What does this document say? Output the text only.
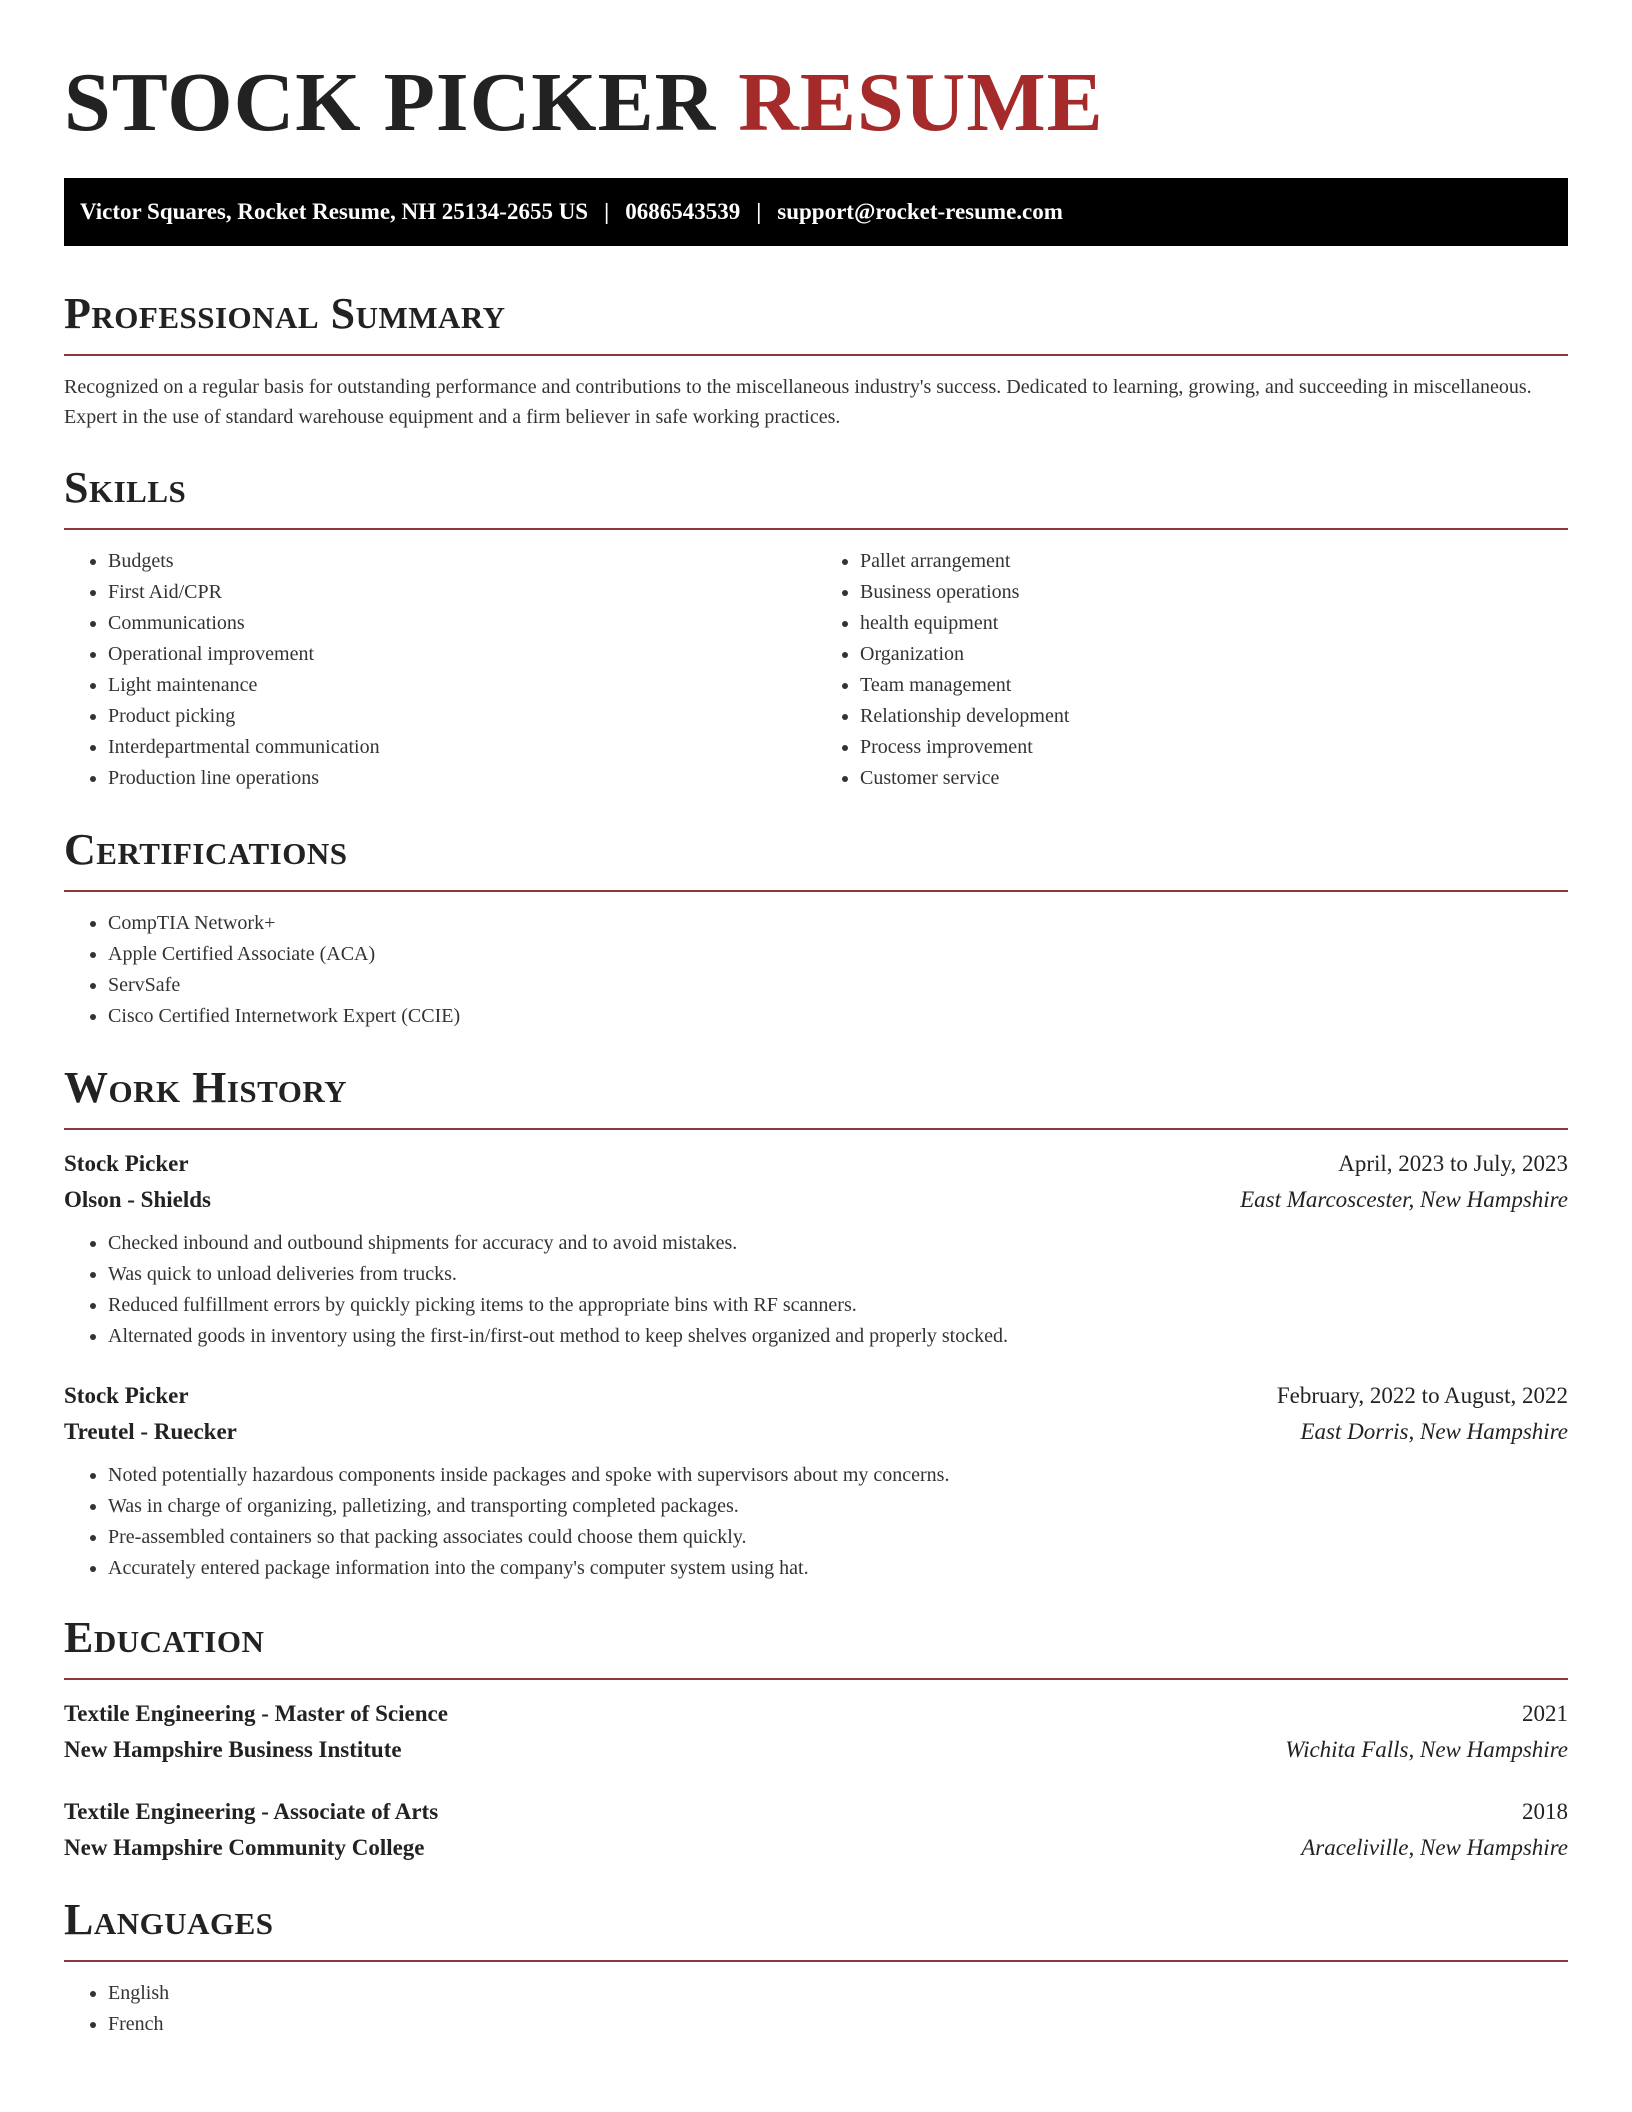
STOCK PICKER RESUME
Victor Squares, Rocket Resume, NH 25134-2655 US | 0686543539 | support@rocket-resume.com
Professional Summary

Recognized on a regular basis for outstanding performance and contributions to the miscellaneous industry's success. Dedicated to learning, growing, and succeeding in miscellaneous. Expert in the use of standard warehouse equipment and a firm believer in safe working practices.

Skills
• Budgets
• First Aid/CPR
• Communications
• Operational improvement
• Light maintenance
• Product picking
• Interdepartmental communication
• Production line operations
• Pallet arrangement
• Business operations
• health equipment
• Organization
• Team management
• Relationship development
• Process improvement
• Customer service
Certifications
• CompTIA Network+
• Apple Certified Associate (ACA)
• ServSafe
• Cisco Certified Internetwork Expert (CCIE)
Work History
Stock Picker	April, 2023 to July, 2023
Olson - Shields	East Marcoscester, New Hampshire
• Checked inbound and outbound shipments for accuracy and to avoid mistakes.
• Was quick to unload deliveries from trucks.
• Reduced fulfillment errors by quickly picking items to the appropriate bins with RF scanners.
• Alternated goods in inventory using the first-in/first-out method to keep shelves organized and properly stocked.
Stock Picker	February, 2022 to August, 2022
Treutel - Ruecker	East Dorris, New Hampshire
• Noted potentially hazardous components inside packages and spoke with supervisors about my concerns.
• Was in charge of organizing, palletizing, and transporting completed packages.
• Pre-assembled containers so that packing associates could choose them quickly.
• Accurately entered package information into the company's computer system using hat.
Education
Textile Engineering - Master of Science	2021
New Hampshire Business Institute	Wichita Falls, New Hampshire
Textile Engineering - Associate of Arts	2018
New Hampshire Community College	Araceliville, New Hampshire
Languages
• English
• French
